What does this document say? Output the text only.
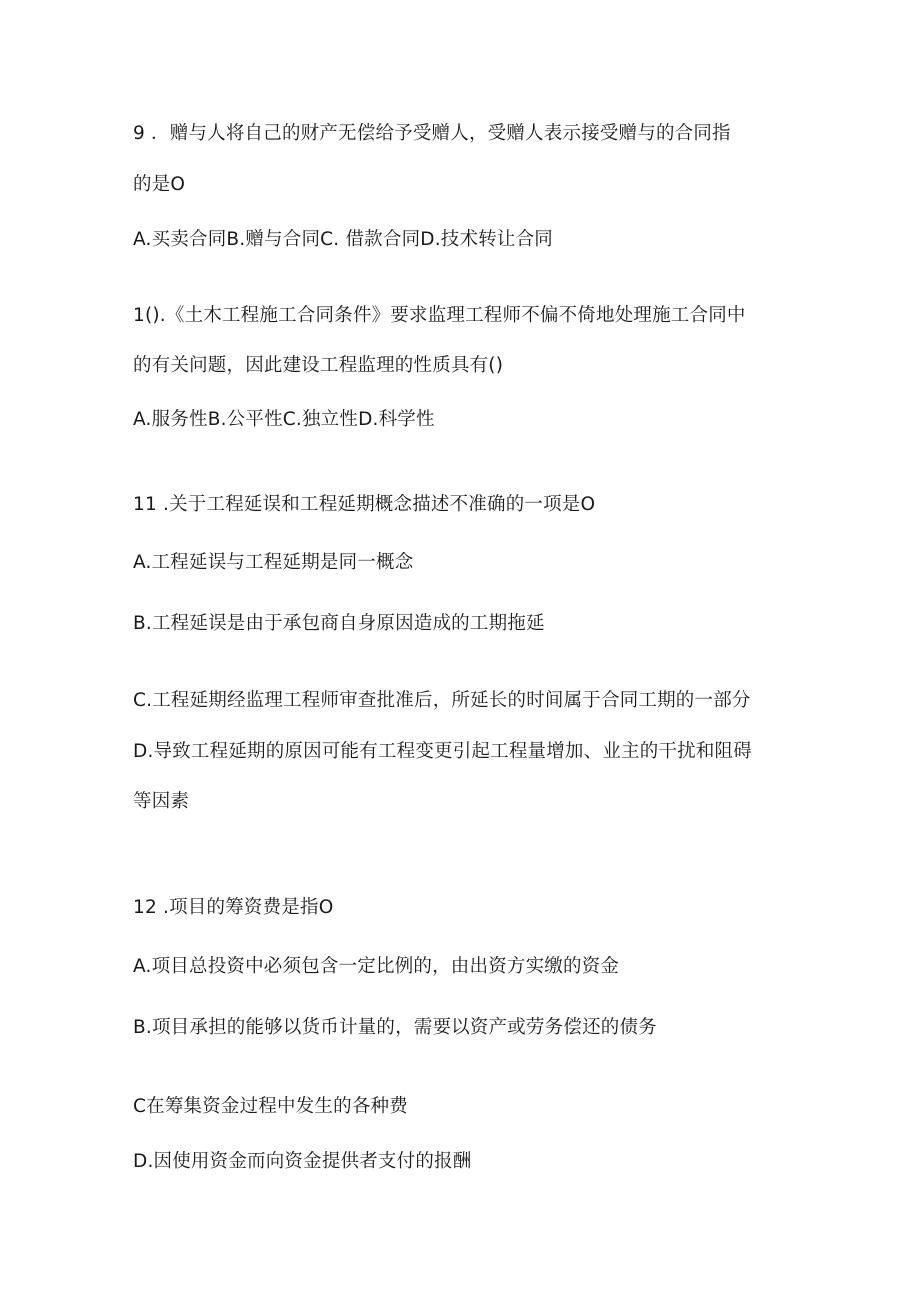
9 ．赠与人将自己的财产无偿给予受赠人，受赠人表示接受赠与的合同指
的是O
A.买卖合同B.赠与合同C. 借款合同D.技术转让合同
1().《土木工程施工合同条件》要求监理工程师不偏不倚地处理施工合同中
的有关问题，因此建设工程监理的性质具有()
A.服务性B.公平性C.独立性D.科学性
11 .关于工程延误和工程延期概念描述不准确的一项是O
A.工程延误与工程延期是同一概念
B.工程延误是由于承包商自身原因造成的工期拖延
C.工程延期经监理工程师审查批准后，所延长的时间属于合同工期的一部分
D.导致工程延期的原因可能有工程变更引起工程量增加、业主的干扰和阻碍
等因素
12 .项目的筹资费是指O
A.项目总投资中必须包含一定比例的，由出资方实缴的资金
B.项目承担的能够以货币计量的，需要以资产或劳务偿还的债务
C在筹集资金过程中发生的各种费
D.因使用资金而向资金提供者支付的报酬
